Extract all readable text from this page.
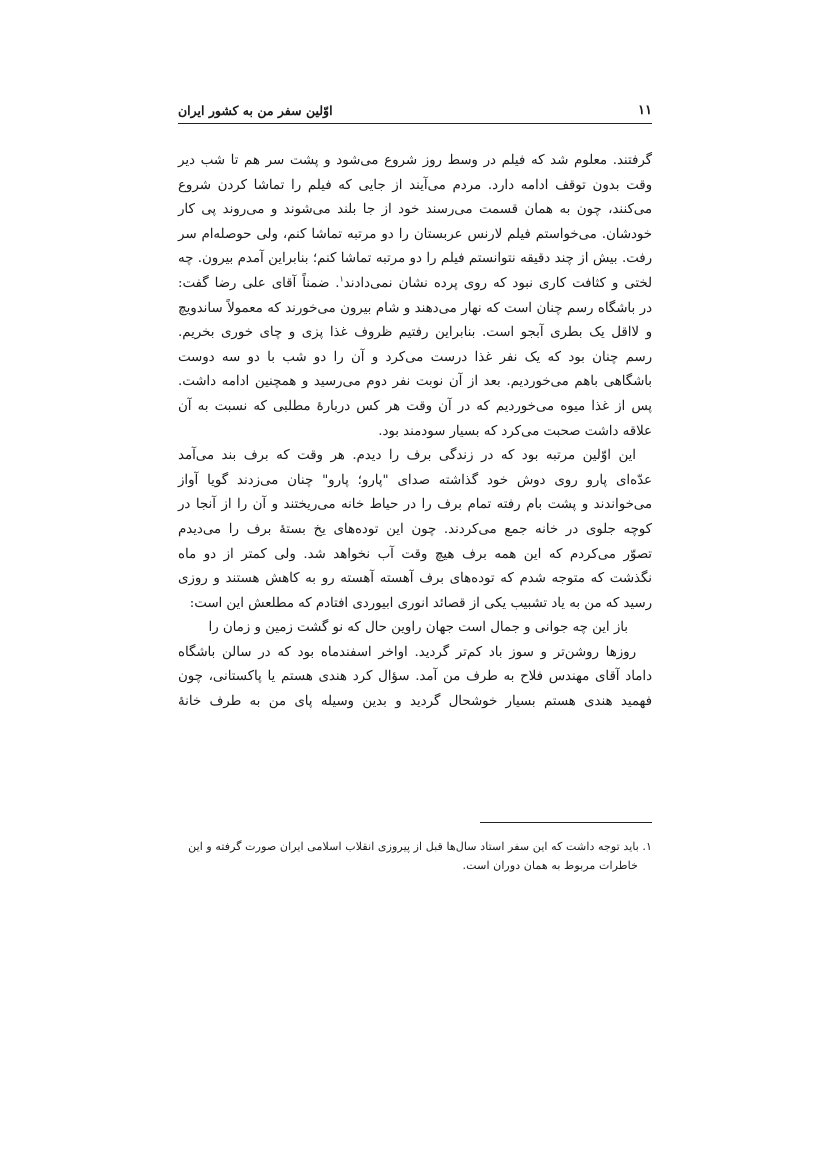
۱۱
اوّلین سفر من به کشور ایران

گرفتند. معلوم شد که فیلم در وسط روز شروع می‌شود و پشت سر هم تا شب دیر

وقت بدون توقف ادامه دارد. مردم می‌آیند از جایی که فیلم را تماشا کردن شروع

می‌کنند، چون به همان قسمت می‌رسند خود از جا بلند می‌شوند و می‌روند پی کار

خودشان. می‌خواستم فیلم لارنس عربستان را دو مرتبه تماشا کنم، ولی حوصله‌ام سر

رفت. بیش از چند دقیقه نتوانستم فیلم را دو مرتبه تماشا کنم؛ بنابراین آمدم بیرون. چه

لختی و کثافت کاری نبود که روی پرده نشان نمی‌دادند$^۱$. ضمناً آقای علی رضا گفت:

در باشگاه رسم چنان است که نهار می‌دهند و شام بیرون می‌خورند که معمولاً ساندویچ

و لااقل یک بطری آبجو است. بنابراین رفتیم ظروف غذا پزی و چای خوری بخریم.

رسم چنان بود که یک نفر غذا درست می‌کرد و آن را دو شب با دو سه دوست

باشگاهی باهم می‌خوردیم. بعد از آن نوبت نفر دوم می‌رسید و همچنین ادامه داشت.

پس از غذا میوه می‌خوردیم که در آن وقت هر کس دربارهٔ مطلبی که نسبت به آن

علاقه داشت صحبت می‌کرد که بسیار سودمند بود.

این اوّلین مرتبه بود که در زندگی برف را دیدم. هر وقت که برف بند می‌آمد

عدّه‌ای پارو روی دوش خود گذاشته صدای "پارو؛ پارو" چنان می‌زدند گویا آواز

می‌خواندند و پشت بام رفته تمام برف را در حیاط خانه می‌ریختند و آن را از آنجا در

کوچه جلوی در خانه جمع می‌کردند. چون این توده‌های یخ بستهٔ برف را می‌دیدم

تصوّر می‌کردم که این همه برف هیچ وقت آب نخواهد شد. ولی کمتر از دو ماه

نگذشت که متوجه شدم که توده‌های برف آهسته آهسته رو به کاهش هستند و روزی

رسید که من به یاد تشبیب یکی از قصائد انوری ابیوردی افتادم که مطلعش این است:

باز این چه جوانی و جمال است جهان را
وین حال که نو گشت زمین و زمان را

روزها روشن‌تر و سوز باد کم‌تر گردید. اواخر اسفندماه بود که در سالن باشگاه

داماد آقای مهندس فلاح به طرف من آمد. سؤال کرد هندی هستم یا پاکستانی، چون

فهمید هندی هستم بسیار خوشحال گردید و بدین وسیله پای من به طرف خانهٔ

۱. باید توجه داشت که این سفر استاد سال‌ها قبل از پیروزی انقلاب اسلامی ایران صورت گرفته و این
خاطرات مربوط به همان دوران است.
